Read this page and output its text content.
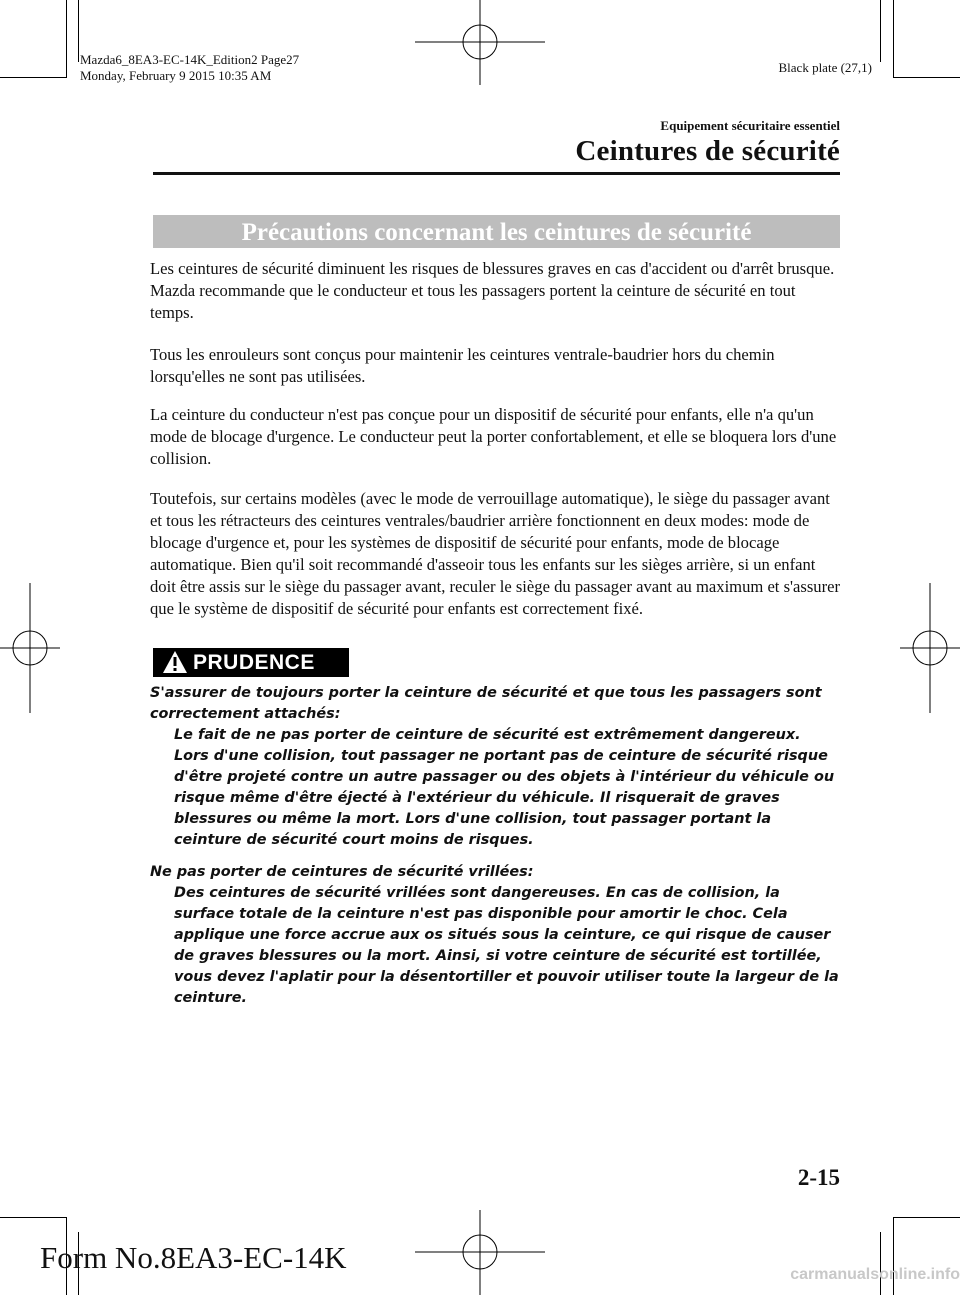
Mazda6_8EA3-EC-14K_Edition2 Page27
Monday, February 9 2015 10:35 AM
Black plate (27,1)
Equipement sécuritaire essentiel
Ceintures de sécurité
Précautions concernant les ceintures de sécurité

Les ceintures de sécurité diminuent les risques de blessures graves en cas d'accident ou d'arrêt brusque. Mazda recommande que le conducteur et tous les passagers portent la ceinture de sécurité en tout temps.

Tous les enrouleurs sont conçus pour maintenir les ceintures ventrale-baudrier hors du chemin lorsqu'elles ne sont pas utilisées.

La ceinture du conducteur n'est pas conçue pour un dispositif de sécurité pour enfants, elle n'a qu'un mode de blocage d'urgence. Le conducteur peut la porter confortablement, et elle se bloquera lors d'une collision.

Toutefois, sur certains modèles (avec le mode de verrouillage automatique), le siège du passager avant et tous les rétracteurs des ceintures ventrales/baudrier arrière fonctionnent en deux modes: mode de blocage d'urgence et, pour les systèmes de dispositif de sécurité pour enfants, mode de blocage automatique. Bien qu'il soit recommandé d'asseoir tous les enfants sur les sièges arrière, si un enfant doit être assis sur le siège du passager avant, reculer le siège du passager avant au maximum et s'assurer que le système de dispositif de sécurité pour enfants est correctement fixé.

PRUDENCE

S'assurer de toujours porter la ceinture de sécurité et que tous les passagers sont correctement attachés:

Le fait de ne pas porter de ceinture de sécurité est extrêmement dangereux. Lors d'une collision, tout passager ne portant pas de ceinture de sécurité risque d'être projeté contre un autre passager ou des objets à l'intérieur du véhicule ou risque même d'être éjecté à l'extérieur du véhicule. Il risquerait de graves blessures ou même la mort. Lors d'une collision, tout passager portant la ceinture de sécurité court moins de risques.

Ne pas porter de ceintures de sécurité vrillées:

Des ceintures de sécurité vrillées sont dangereuses. En cas de collision, la surface totale de la ceinture n'est pas disponible pour amortir le choc. Cela applique une force accrue aux os situés sous la ceinture, ce qui risque de causer de graves blessures ou la mort. Ainsi, si votre ceinture de sécurité est tortillée, vous devez l'aplatir pour la désentortiller et pouvoir utiliser toute la largeur de la ceinture.

2-15
Form No.8EA3-EC-14K	carmanualsonline.info
